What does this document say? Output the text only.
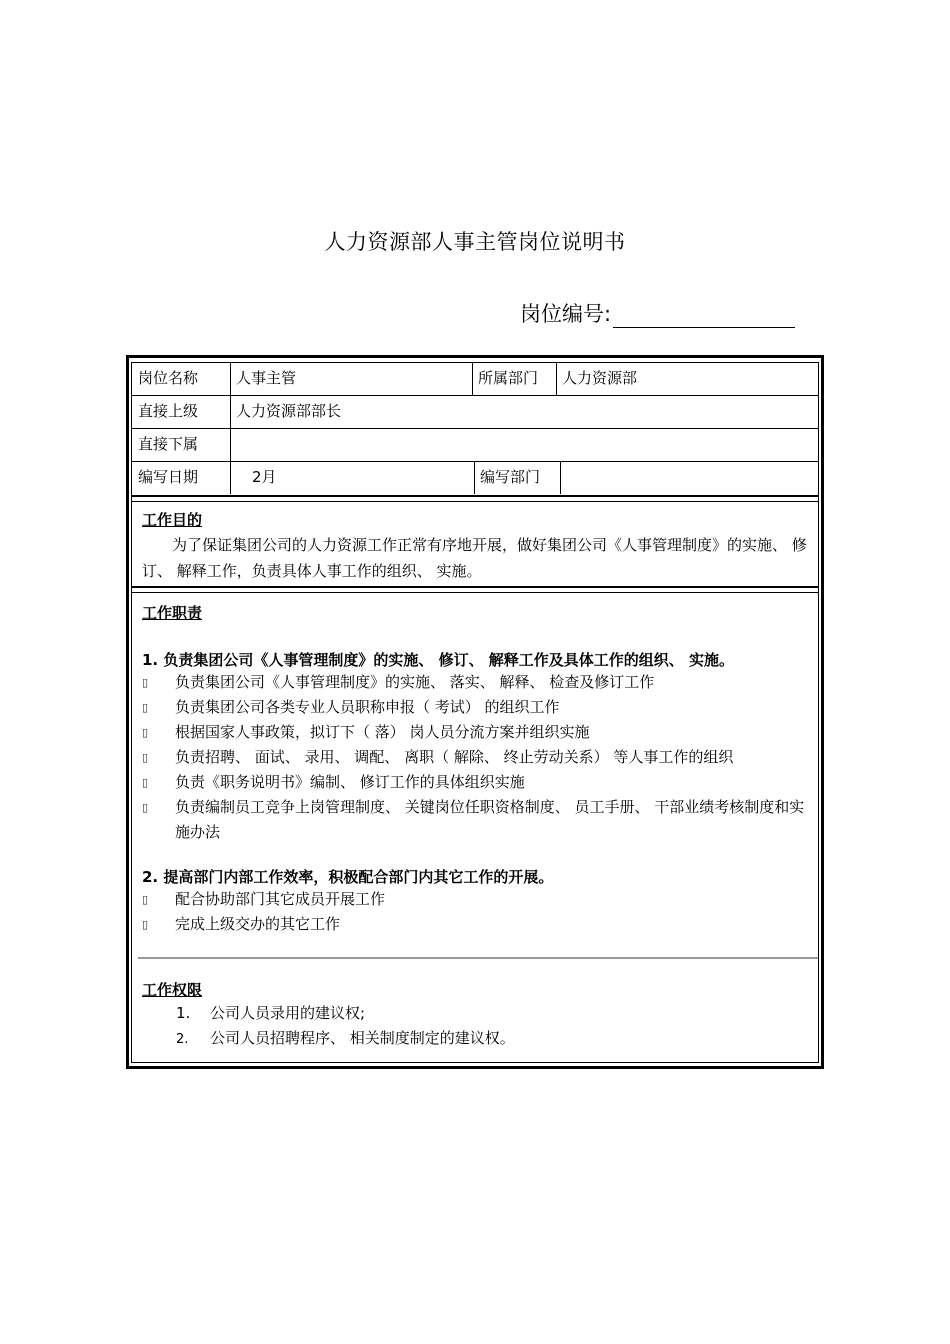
人力资源部人事主管岗位说明书
岗位编号:
岗位名称	人事主管	所属部门	人力资源部
直接上级	人力资源部部长
直接下属
编写日期	2月	编写部门
工作目的
为了保证集团公司的人力资源工作正常有序地开展，做好集团公司《人事管理制度》的实施、 修订、 解释工作，负责具体人事工作的组织、 实施。
工作职责
1. 负责集团公司《人事管理制度》的实施、 修订、 解释工作及具体工作的组织、 实施。
▯	负责集团公司《人事管理制度》的实施、 落实、 解释、 检查及修订工作
▯	负责集团公司各类专业人员职称申报（ 考试） 的组织工作
▯	根据国家人事政策，拟订下（ 落） 岗人员分流方案并组织实施
▯	负责招聘、 面试、 录用、 调配、 离职（ 解除、 终止劳动关系） 等人事工作的组织
▯	负责《职务说明书》编制、 修订工作的具体组织实施
▯	负责编制员工竞争上岗管理制度、 关键岗位任职资格制度、 员工手册、 干部业绩考核制度和实施办法
2. 提高部门内部工作效率，积极配合部门内其它工作的开展。
▯	配合协助部门其它成员开展工作
▯	完成上级交办的其它工作
工作权限
1. 公司人员录用的建议权;
2. 公司人员招聘程序、 相关制度制定的建议权。
